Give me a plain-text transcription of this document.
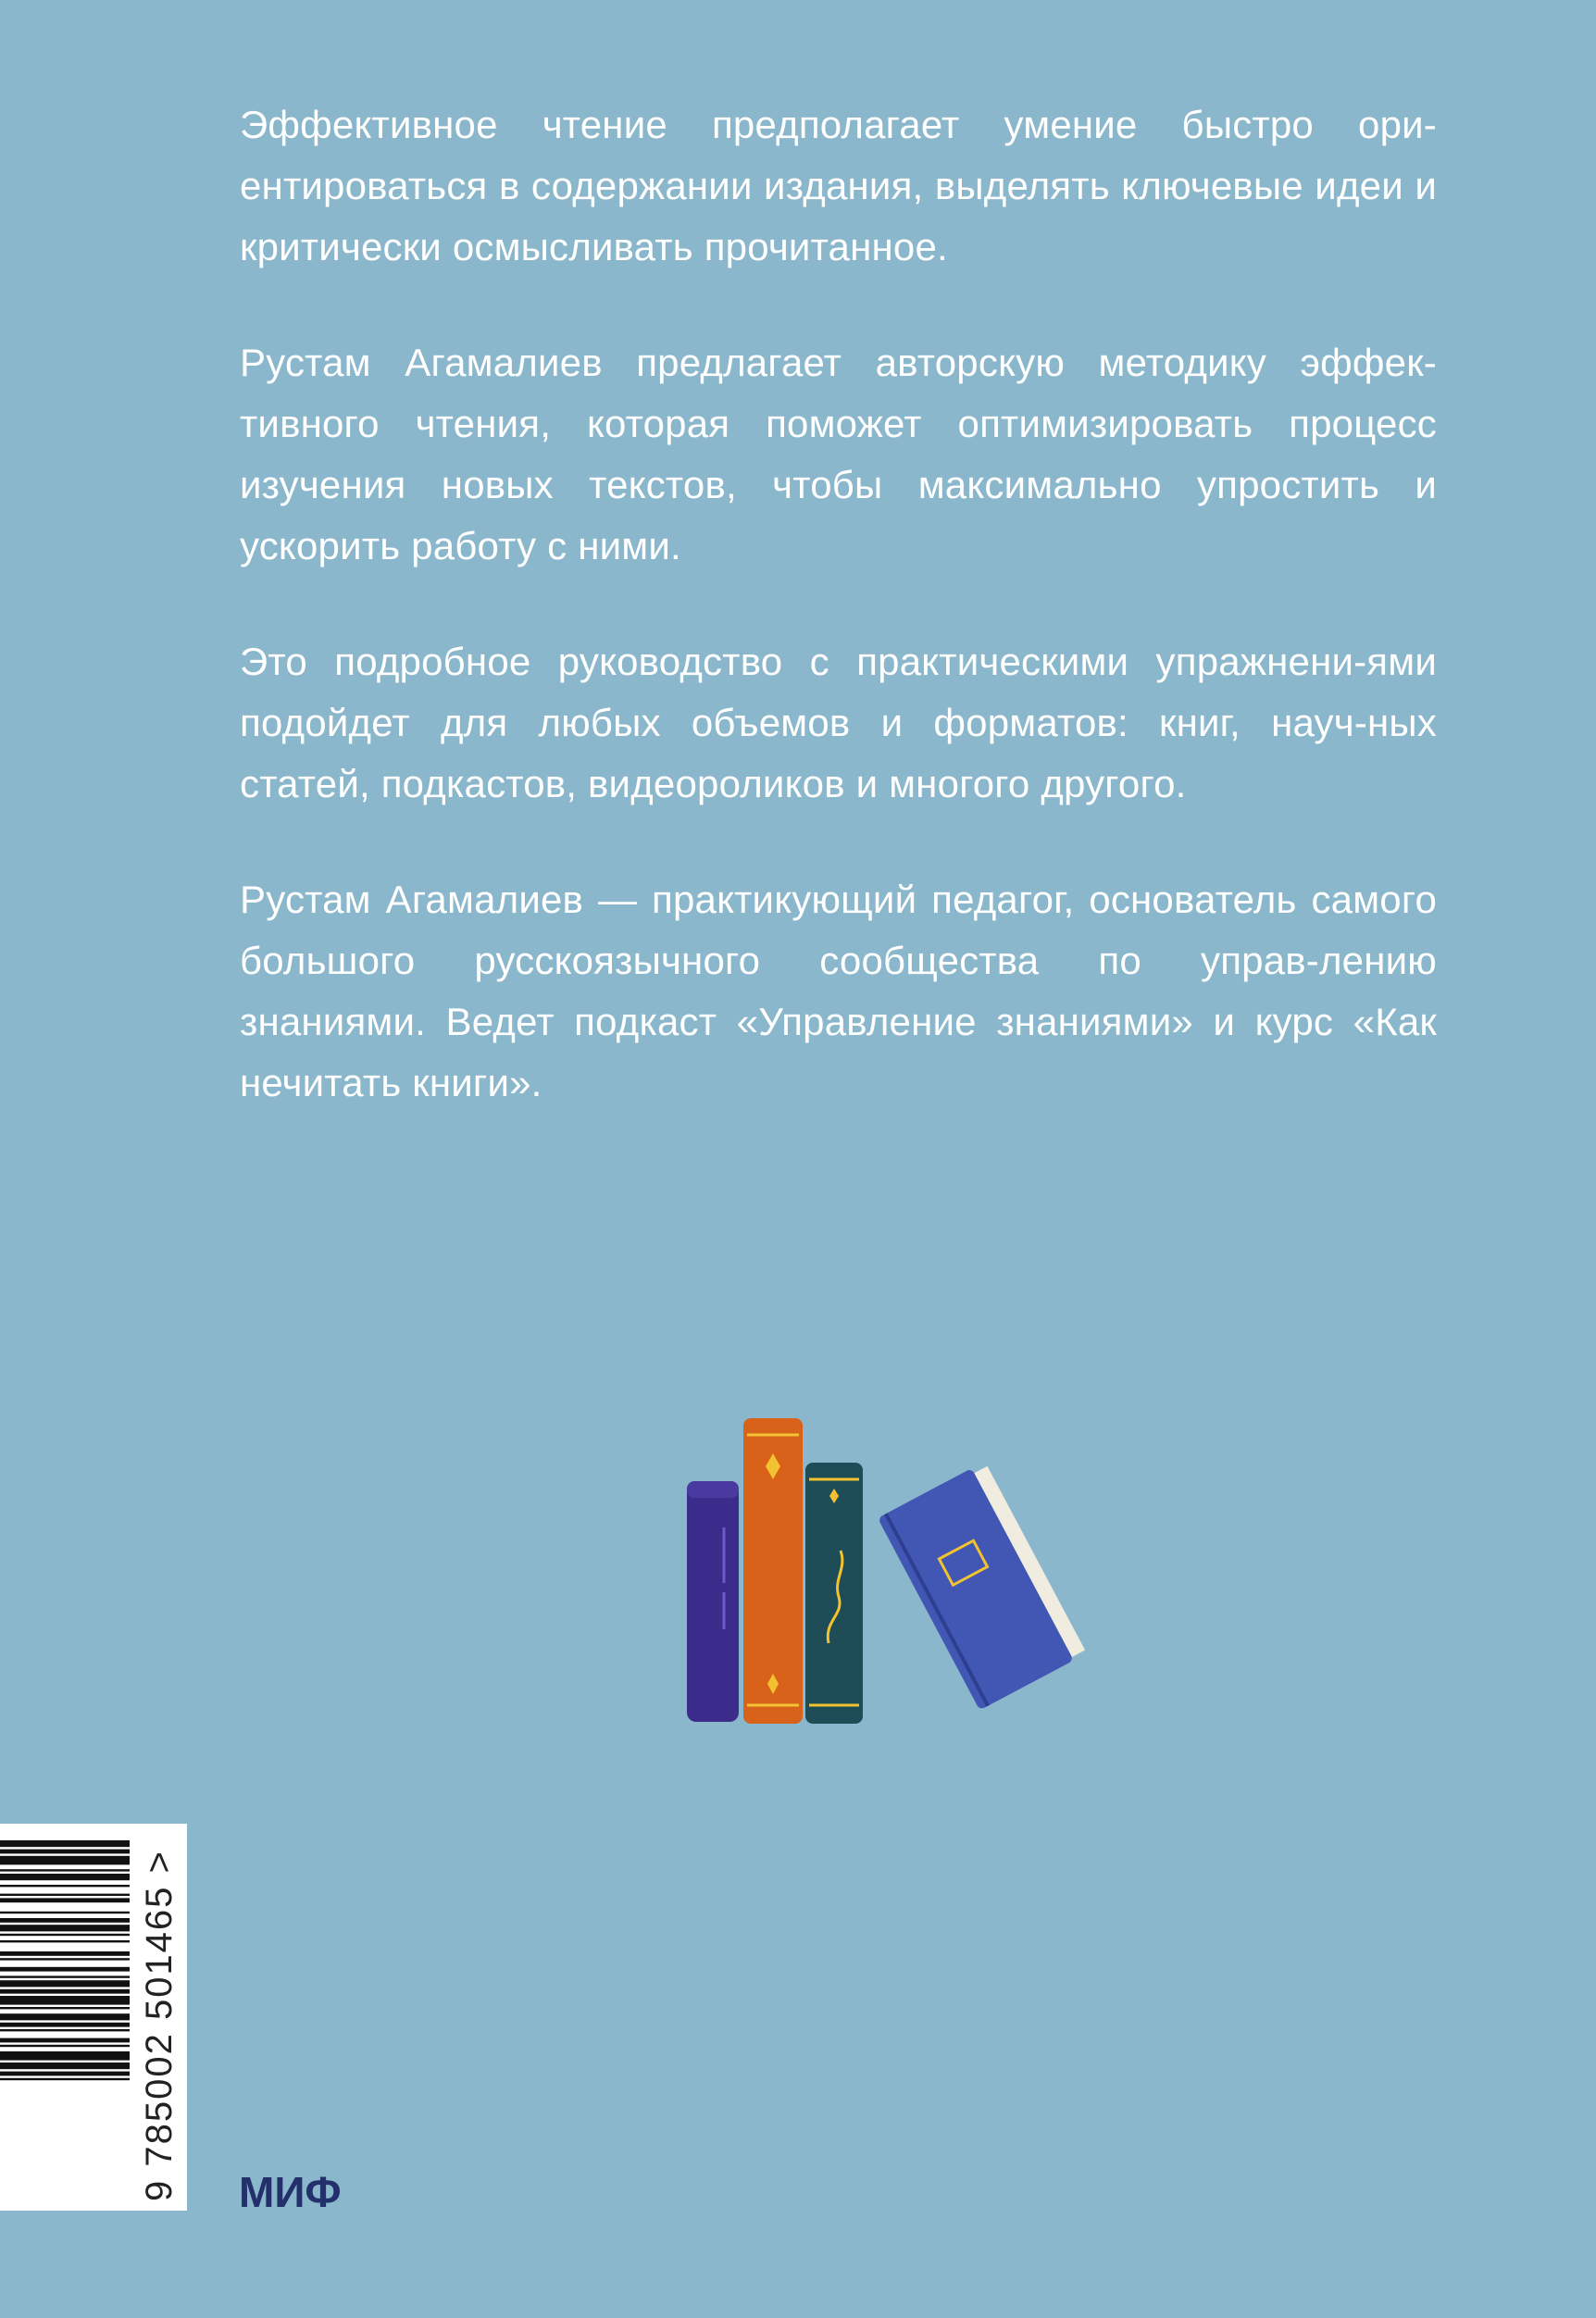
Эффективное чтение предполагает умение быстро ори-ентироваться в содержании издания, выделять ключевые идеи и критически осмысливать прочитанное.

Рустам Агамалиев предлагает авторскую методику эффек-тивного чтения, которая поможет оптимизировать процесс изучения новых текстов, чтобы максимально упростить и ускорить работу с ними.

Это подробное руководство с практическими упражнени-ями подойдет для любых объемов и форматов: книг, науч-ных статей, подкастов, видеороликов и многого другого.

Рустам Агамалиев — практикующий педагог, основатель самого большого русскоязычного сообщества по управ-лению знаниями. Ведет подкаст «Управление знаниями» и курс «Как нечитать книги».

9 785002 501465 > МИФ
